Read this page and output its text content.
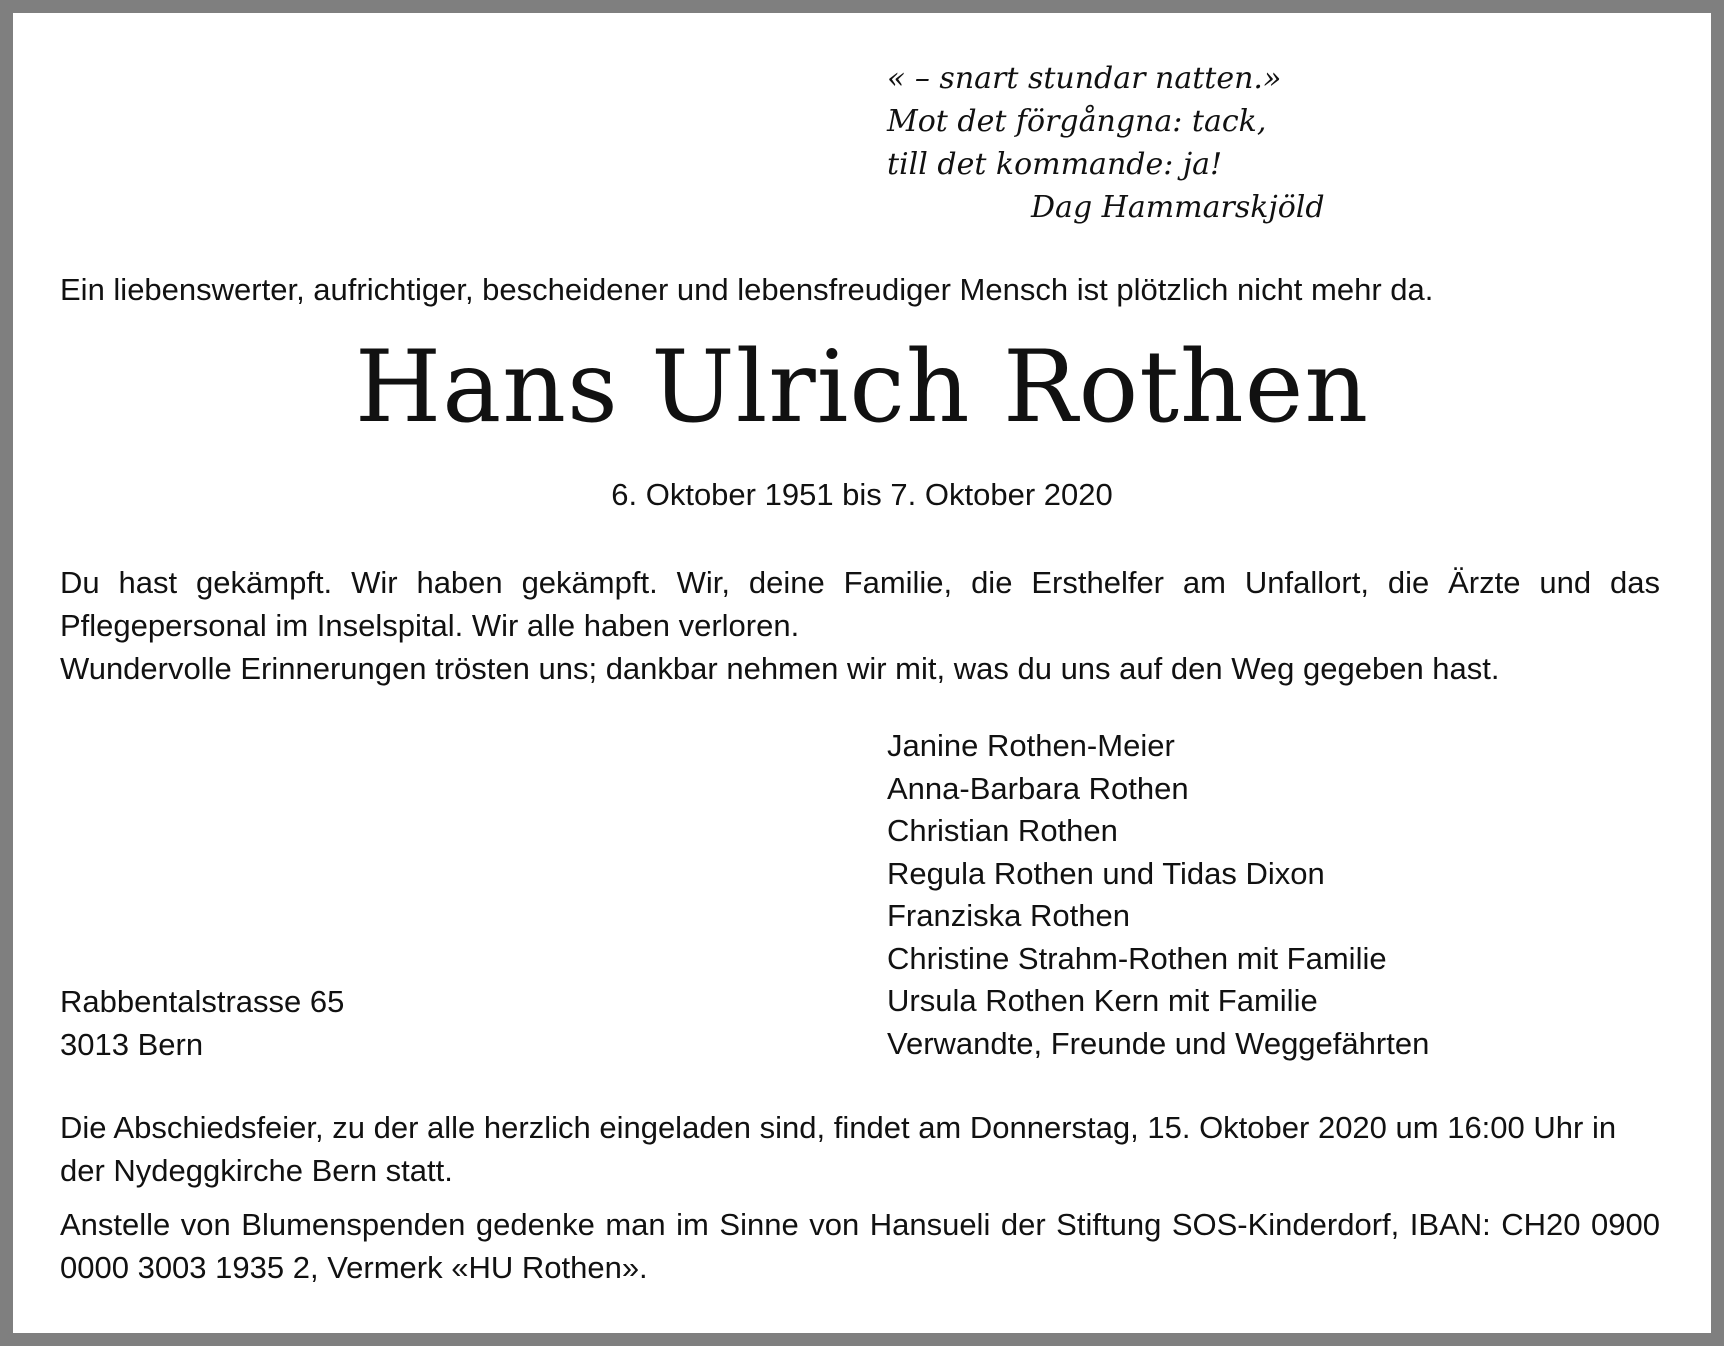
« – snart stundar natten.»
Mot det förgångna: tack,
till det kommande: ja!
Dag Hammarskjöld
Ein liebenswerter, aufrichtiger, bescheidener und lebensfreudiger Mensch ist plötzlich nicht mehr da.
Hans Ulrich Rothen
6. Oktober 1951 bis 7. Oktober 2020

Du hast gekämpft. Wir haben gekämpft. Wir, deine Familie, die Ersthelfer am Unfallort, die Ärzte und das Pflegepersonal im Inselspital. Wir alle haben verloren.

Wundervolle Erinnerungen trösten uns; dankbar nehmen wir mit, was du uns auf den Weg gegeben hast.

Janine Rothen-Meier
Anna-Barbara Rothen
Christian Rothen
Regula Rothen und Tidas Dixon
Franziska Rothen
Christine Strahm-Rothen mit Familie
Ursula Rothen Kern mit Familie
Verwandte, Freunde und Weggefährten
Rabbentalstrasse 65
3013 Bern

Die Abschiedsfeier, zu der alle herzlich eingeladen sind, findet am Donnerstag, 15. Oktober 2020 um 16:00 Uhr in der Nydeggkirche Bern statt.

Anstelle von Blumenspenden gedenke man im Sinne von Hansueli der Stiftung SOS-Kinderdorf, IBAN: CH20 0900 0000 3003 1935 2, Vermerk «HU Rothen».
